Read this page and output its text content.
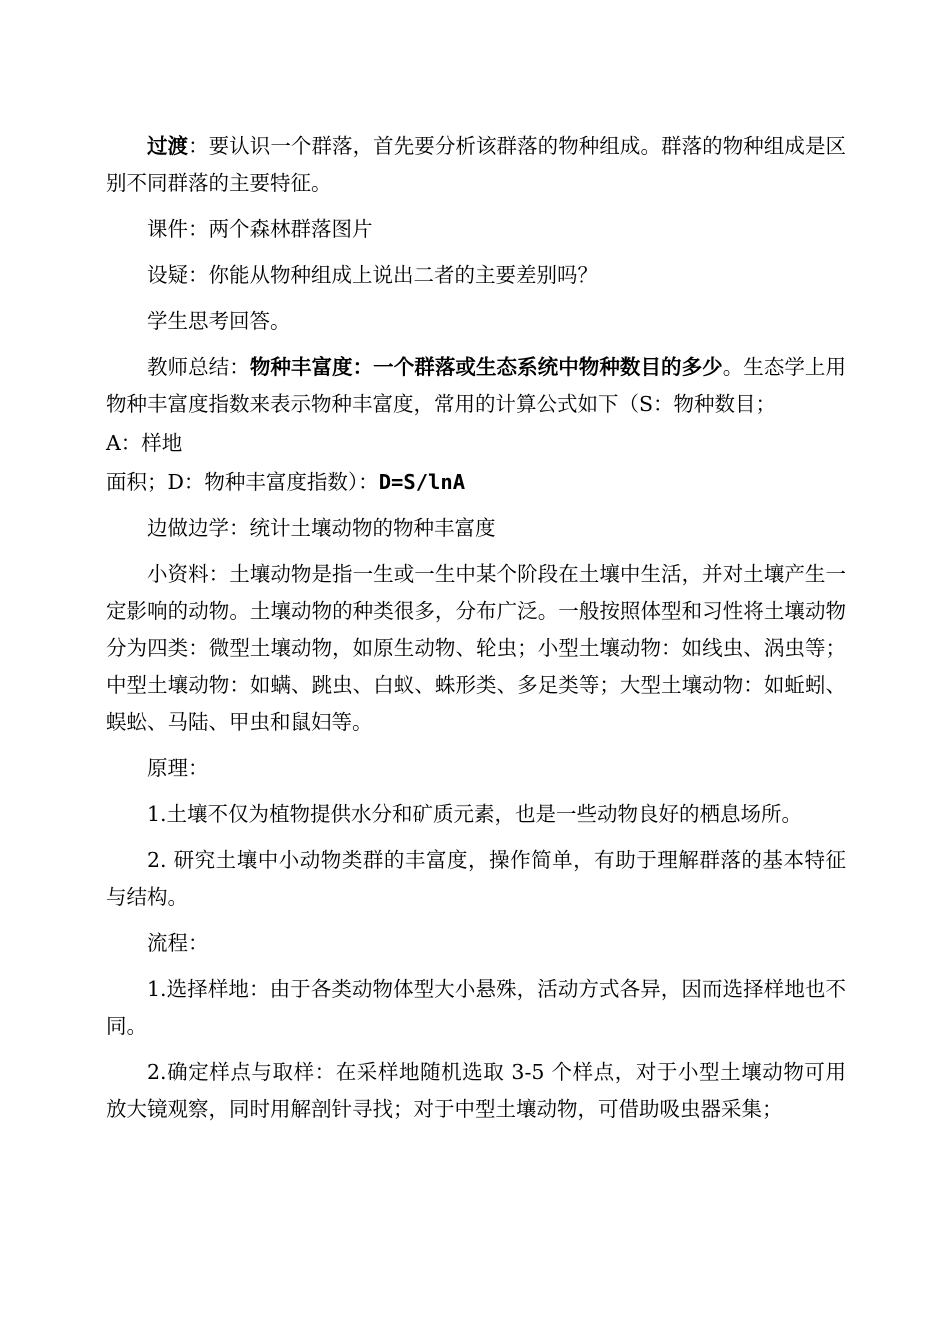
过渡：要认识一个群落，首先要分析该群落的物种组成。群落的物种组成是区别不同群落的主要特征。

课件：两个森林群落图片

设疑：你能从物种组成上说出二者的主要差别吗？

学生思考回答。

教师总结：物种丰富度：一个群落或生态系统中物种数目的多少。生态学上用物种丰富度指数来表示物种丰富度，常用的计算公式如下（S：物种数目；

A：样地

面积；D：物种丰富度指数）：D=S/lnA

边做边学：统计土壤动物的物种丰富度

小资料：土壤动物是指一生或一生中某个阶段在土壤中生活，并对土壤产生一定影响的动物。土壤动物的种类很多，分布广泛。一般按照体型和习性将土壤动物分为四类：微型土壤动物，如原生动物、轮虫；小型土壤动物：如线虫、涡虫等；中型土壤动物：如螨、跳虫、白蚁、蛛形类、多足类等；大型土壤动物：如蚯蚓、蜈蚣、马陆、甲虫和鼠妇等。

原理：

1.土壤不仅为植物提供水分和矿质元素，也是一些动物良好的栖息场所。

2. 研究土壤中小动物类群的丰富度，操作简单，有助于理解群落的基本特征与结构。

流程：

1.选择样地：由于各类动物体型大小悬殊，活动方式各异，因而选择样地也不同。

2.确定样点与取样：在采样地随机选取 3-5 个样点，对于小型土壤动物可用放大镜观察，同时用解剖针寻找；对于中型土壤动物，可借助吸虫器采集；
